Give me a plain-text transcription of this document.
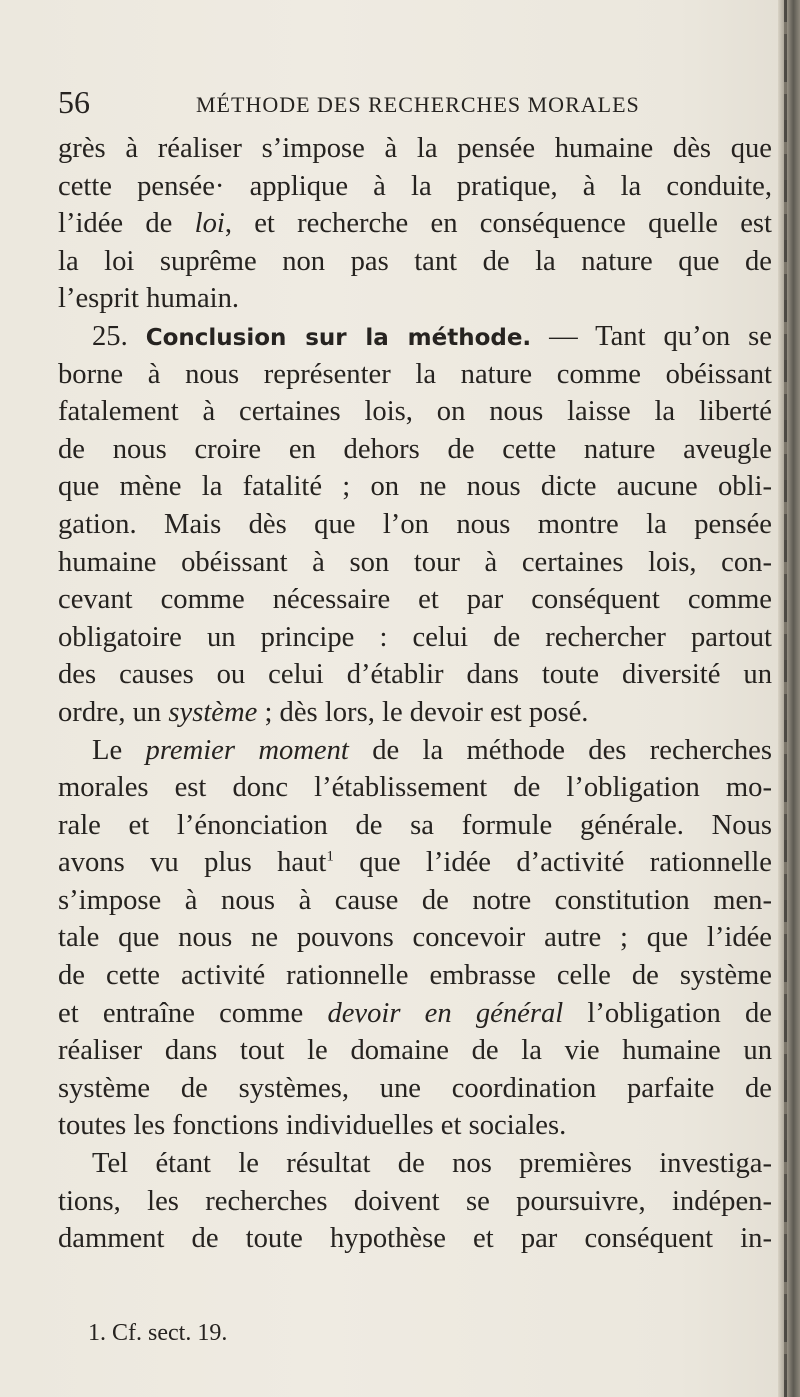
56	MÉTHODE DES RECHERCHES MORALES
grès à réaliser s’impose à la pensée humaine dès que
cette pensée· applique à la pratique, à la conduite,
l’idée de loi, et recherche en conséquence quelle est
la loi suprême non pas tant de la nature que de
l’esprit humain.
25. Conclusion sur la méthode. — Tant qu’on se
borne à nous représenter la nature comme obéissant
fatalement à certaines lois, on nous laisse la liberté
de nous croire en dehors de cette nature aveugle
que mène la fatalité ; on ne nous dicte aucune obli-
gation. Mais dès que l’on nous montre la pensée
humaine obéissant à son tour à certaines lois, con-
cevant comme nécessaire et par conséquent comme
obligatoire un principe : celui de rechercher partout
des causes ou celui d’établir dans toute diversité un
ordre, un système ; dès lors, le devoir est posé.
Le premier moment de la méthode des recherches
morales est donc l’établissement de l’obligation mo-
rale et l’énonciation de sa formule générale. Nous
avons vu plus haut$^1$ que l’idée d’activité rationnelle
s’impose à nous à cause de notre constitution men-
tale que nous ne pouvons concevoir autre ; que l’idée
de cette activité rationnelle embrasse celle de système
et entraîne comme devoir en général l’obligation de
réaliser dans tout le domaine de la vie humaine un
système de systèmes, une coordination parfaite de
toutes les fonctions individuelles et sociales.
Tel étant le résultat de nos premières investiga-
tions, les recherches doivent se poursuivre, indépen-
damment de toute hypothèse et par conséquent in-
1. Cf. sect. 19.
